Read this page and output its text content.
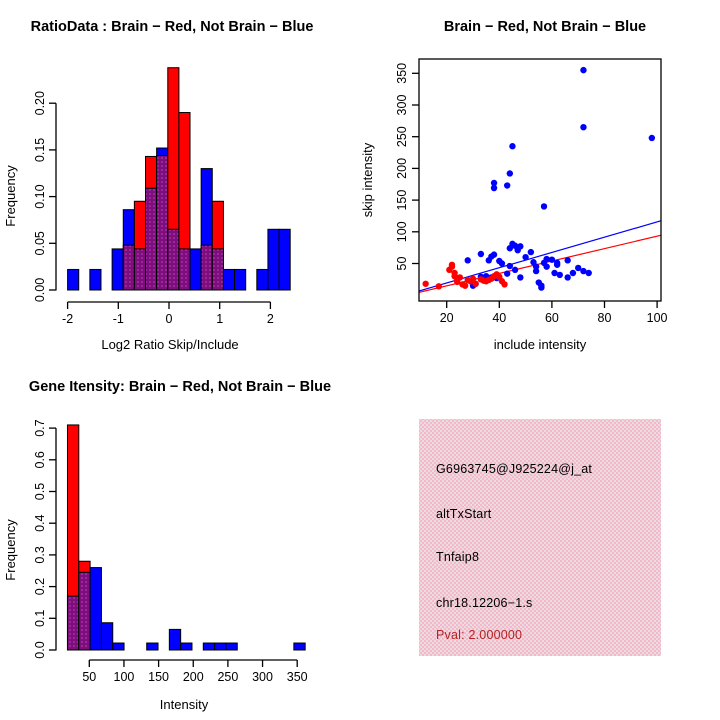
RatioData : Brain − Red, Not Brain − Blue
0.00
0.05
0.10
0.15
0.20
Frequency
-2	-1	0	1	2
Log2 Ratio Skip/Include
Brain − Red, Not Brain − Blue
20	40	60	80	100
include intensity
50
100
150
200
250
300
350
skip intensity
Gene Itensity: Brain − Red, Not Brain − Blue
0.0
0.1
0.2
0.3
0.4
0.5
0.6
0.7
Frequency
50 100 150 200 250 300 350
Intensity
G6963745@J925224@j_at
altTxStart
Tnfaip8
chr18.12206−1.s
Pval: 2.000000
